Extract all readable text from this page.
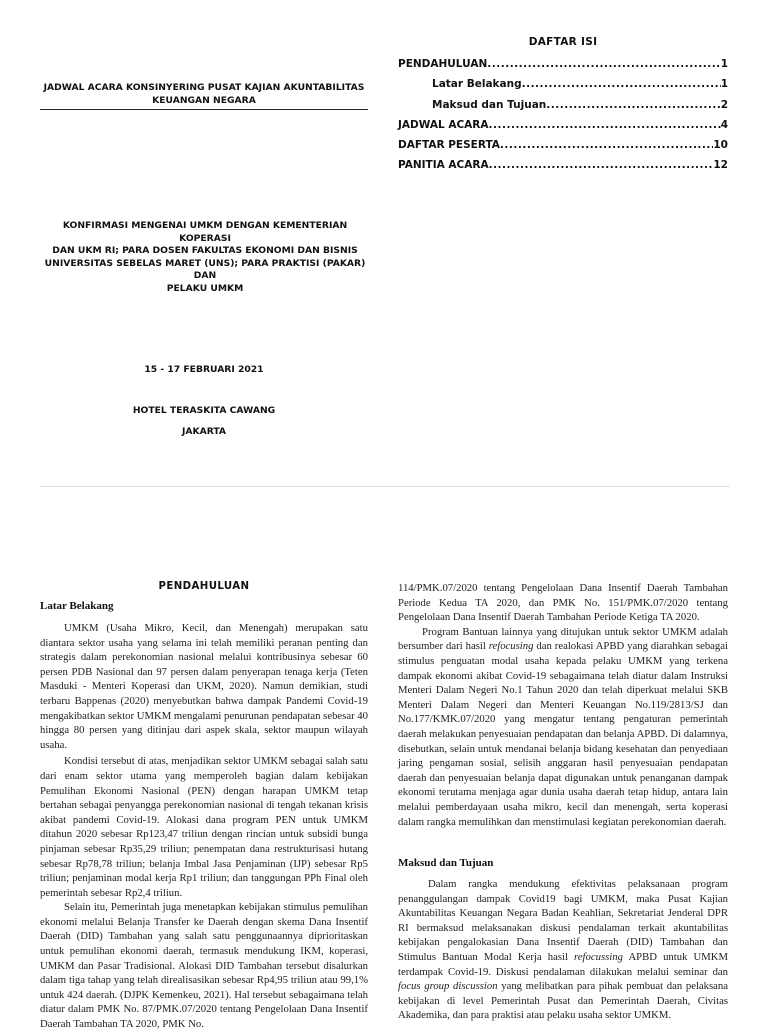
DAFTAR ISI
PENDAHULUAN .....	1
Latar Belakang .....	1
Maksud dan Tujuan .....	2
JADWAL ACARA .....	4
DAFTAR PESERTA .....	10
PANITIA ACARA .....	12
JADWAL ACARA KONSINYERING PUSAT KAJIAN AKUNTABILITAS
KEUANGAN NEGARA
KONFIRMASI MENGENAI UMKM DENGAN KEMENTERIAN KOPERASI
DAN UKM RI; PARA DOSEN FAKULTAS EKONOMI DAN BISNIS
UNIVERSITAS SEBELAS MARET (UNS); PARA PRAKTISI (PAKAR) DAN
PELAKU UMKM
15 - 17 FEBRUARI 2021
HOTEL TERASKITA CAWANG
JAKARTA
PENDAHULUAN
Latar Belakang

UMKM (Usaha Mikro, Kecil, dan Menengah) merupakan satu diantara sektor usaha yang selama ini telah memiliki peranan penting dan strategis dalam perekonomian nasional melalui kontribusinya sebesar 60 persen PDB Nasional dan 97 persen dalam penyerapan tenaga kerja (Teten Masduki - Menteri Koperasi dan UKM, 2020). Namun demikian, studi terbaru Bappenas (2020) menyebutkan bahwa dampak Pandemi Covid-19 mengakibatkan sektor UMKM mengalami penurunan pendapatan sebesar 40 hingga 80 persen yang ditinjau dari aspek skala, sektor maupun wilayah usaha.

Kondisi tersebut di atas, menjadikan sektor UMKM sebagai salah satu dari enam sektor utama yang memperoleh bagian dalam kebijakan Pemulihan Ekonomi Nasional (PEN) dengan harapan UMKM tetap bertahan sebagai penyangga perekonomian nasional di tengah tekanan krisis akibat pandemi Covid-19. Alokasi dana program PEN untuk UMKM ditahun 2020 sebesar Rp123,47 triliun dengan rincian untuk subsidi bunga pinjaman sebesar Rp35,29 triliun; penempatan dana restrukturisasi hutang sebesar Rp78,78 triliun; belanja Imbal Jasa Penjaminan (IJP) sebesar Rp5 triliun; penjaminan modal kerja Rp1 triliun; dan tanggungan PPh Final oleh pemerintah sebesar Rp2,4 triliun.

Selain itu, Pemerintah juga menetapkan kebijakan stimulus pemulihan ekonomi melalui Belanja Transfer ke Daerah dengan skema Dana Insentif Daerah (DID) Tambahan yang salah satu penggunaannya diprioritaskan untuk pemulihan ekonomi daerah, termasuk mendukung IKM, koperasi, UMKM dan Pasar Tradisional. Alokasi DID Tambahan tersebut disalurkan dalam tiga tahap yang telah direalisasikan sebesar Rp4,95 triliun atau 99,1% untuk 424 daerah. (DJPK Kemenkeu, 2021). Hal tersebut sebagaimana telah diatur dalam PMK No. 87/PMK.07/2020 tentang Pengelolaan Dana Insentif Daerah Tambahan TA 2020, PMK No.

114/PMK.07/2020 tentang Pengelolaan Dana Insentif Daerah Tambahan Periode Kedua TA 2020, dan PMK No. 151/PMK.07/2020 tentang Pengelolaan Dana Insentif Daerah Tambahan Periode Ketiga TA 2020.

Program Bantuan lainnya yang ditujukan untuk sektor UMKM adalah bersumber dari hasil refocusing dan realokasi APBD yang diarahkan sebagai stimulus penguatan modal usaha kepada pelaku UMKM yang terkena dampak ekonomi akibat Covid-19 sebagaimana telah diatur dalam Instruksi Menteri Dalam Negeri No.1 Tahun 2020 dan telah diperkuat melalui SKB Menteri Dalam Negeri dan Menteri Keuangan No.119/2813/SJ dan No.177/KMK.07/2020 yang mengatur tentang pengaturan pemerintah daerah melakukan penyesuaian pendapatan dan belanja APBD. Di dalamnya, disebutkan, selain untuk mendanai belanja bidang kesehatan dan penyediaan jaring pengaman sosial, selisih anggaran hasil penyesuaian pendapatan daerah dan penyesuaian belanja dapat digunakan untuk penanganan dampak ekonomi terutama menjaga agar dunia usaha daerah tetap hidup, antara lain melalui pemberdayaan usaha mikro, kecil dan menengah, serta koperasi dalam rangka memulihkan dan menstimulasi kegiatan perekonomian daerah.

Maksud dan Tujuan

Dalam rangka mendukung efektivitas pelaksanaan program penanggulangan dampak Covid19 bagi UMKM, maka Pusat Kajian Akuntabilitas Keuangan Negara Badan Keahlian, Sekretariat Jenderal DPR RI bermaksud melaksanakan diskusi pendalaman terkait akuntabilitas kebijakan pengalokasian Dana Insentif Daerah (DID) Tambahan dan Stimulus Bantuan Modal Kerja hasil refocussing APBD untuk UMKM terdampak Covid-19. Diskusi pendalaman dilakukan melalui seminar dan focus group discussion yang melibatkan para pihak pembuat dan pelaksana kebijakan di level Pemerintah Pusat dan Pemerintah Daerah, Civitas Akademika, dan para praktisi atau pelaku usaha sektor UMKM.
